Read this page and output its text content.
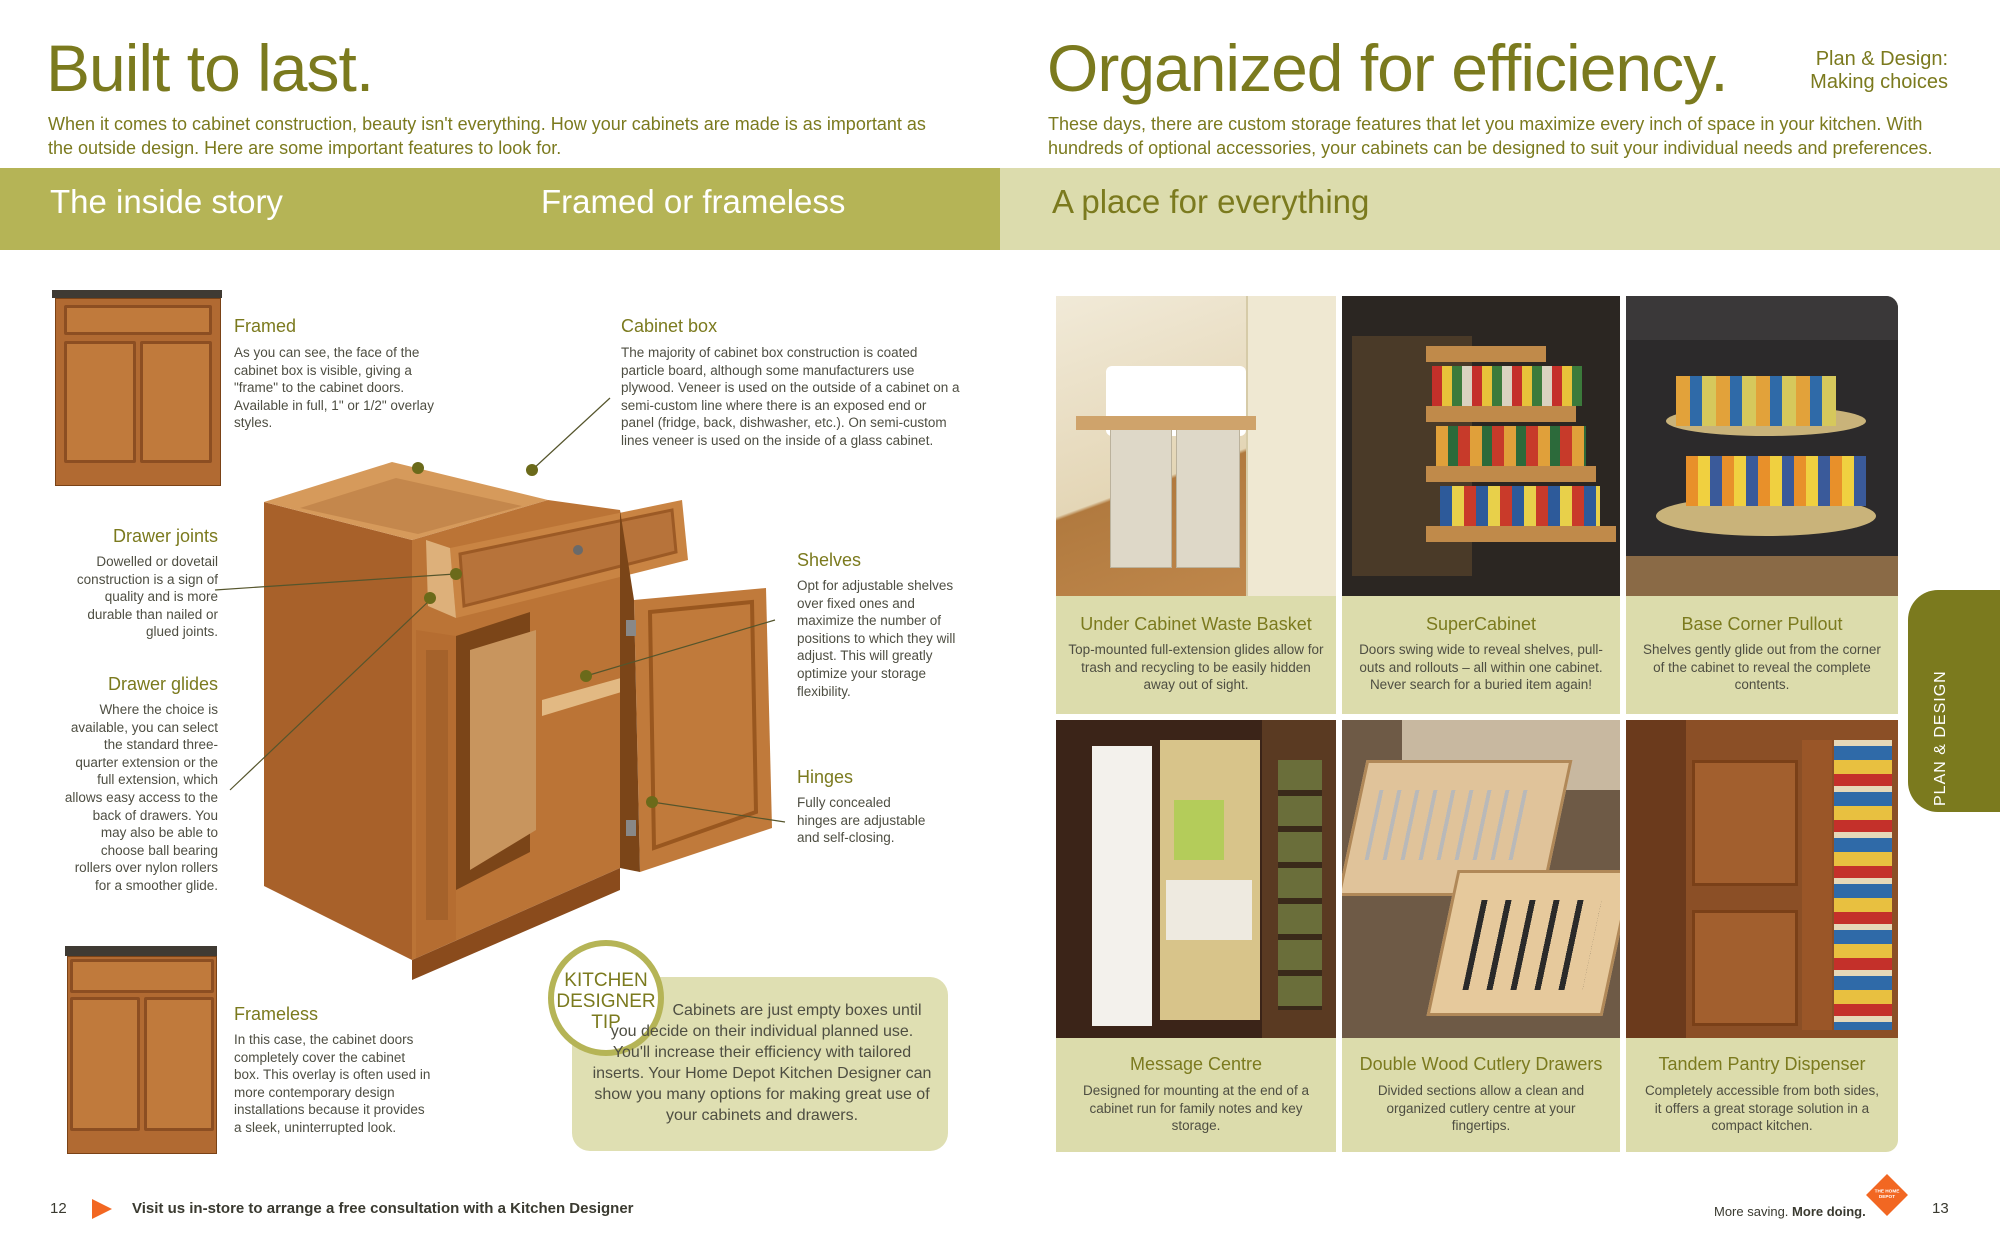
Built to last.
When it comes to cabinet construction, beauty isn't everything. How your cabinets are made is as important as the outside design. Here are some important features to look for.
The inside story	Framed or frameless
Framed
As you can see, the face of the cabinet box is visible, giving a "frame" to the cabinet doors. Available in full, 1" or 1/2" overlay styles.
Cabinet box
The majority of cabinet box construction is coated particle board, although some manufacturers use plywood. Veneer is used on the outside of a cabinet on a semi-custom line where there is an exposed end or panel (fridge, back, dishwasher, etc.). On semi-custom lines veneer is used on the inside of a glass cabinet.
Drawer joints
Dowelled or dovetail construction is a sign of quality and is more durable than nailed or glued joints.
Drawer glides
Where the choice is available, you can select the standard three-quarter extension or the full extension, which allows easy access to the back of drawers. You may also be able to choose ball bearing rollers over nylon rollers for a smoother glide.
Shelves
Opt for adjustable shelves over fixed ones and maximize the number of positions to which they will adjust. This will greatly optimize your storage flexibility.
Hinges
Fully concealed hinges are adjustable and self-closing.
Frameless
In this case, the cabinet doors completely cover the cabinet box. This overlay is often used in more contemporary design installations because it provides a sleek, uninterrupted look.
KITCHEN
DESIGNER
TIP
Cabinets are just empty boxes until you decide on their individual planned use. You'll increase their efficiency with tailored inserts. Your Home Depot Kitchen Designer can show you many options for making great use of your cabinets and drawers.
12	Visit us in-store to arrange a free consultation with a Kitchen Designer
Organized for efficiency.	Plan & Design:
Making choices
These days, there are custom storage features that let you maximize every inch of space in your kitchen. With hundreds of optional accessories, your cabinets can be designed to suit your individual needs and preferences.
A place for everything
Under Cabinet Waste Basket
Top-mounted full-extension glides allow for trash and recycling to be easily hidden away out of sight.
SuperCabinet
Doors swing wide to reveal shelves, pull-outs and rollouts – all within one cabinet. Never search for a buried item again!
Base Corner Pullout
Shelves gently glide out from the corner of the cabinet to reveal the complete contents.
Message Centre
Designed for mounting at the end of a cabinet run for family notes and key storage.
Double Wood Cutlery Drawers
Divided sections allow a clean and organized cutlery centre at your fingertips.
Tandem Pantry Dispenser
Completely accessible from both sides, it offers a great storage solution in a compact kitchen.
PLAN & DESIGN
More saving. More doing.
THE HOME DEPOT
13
